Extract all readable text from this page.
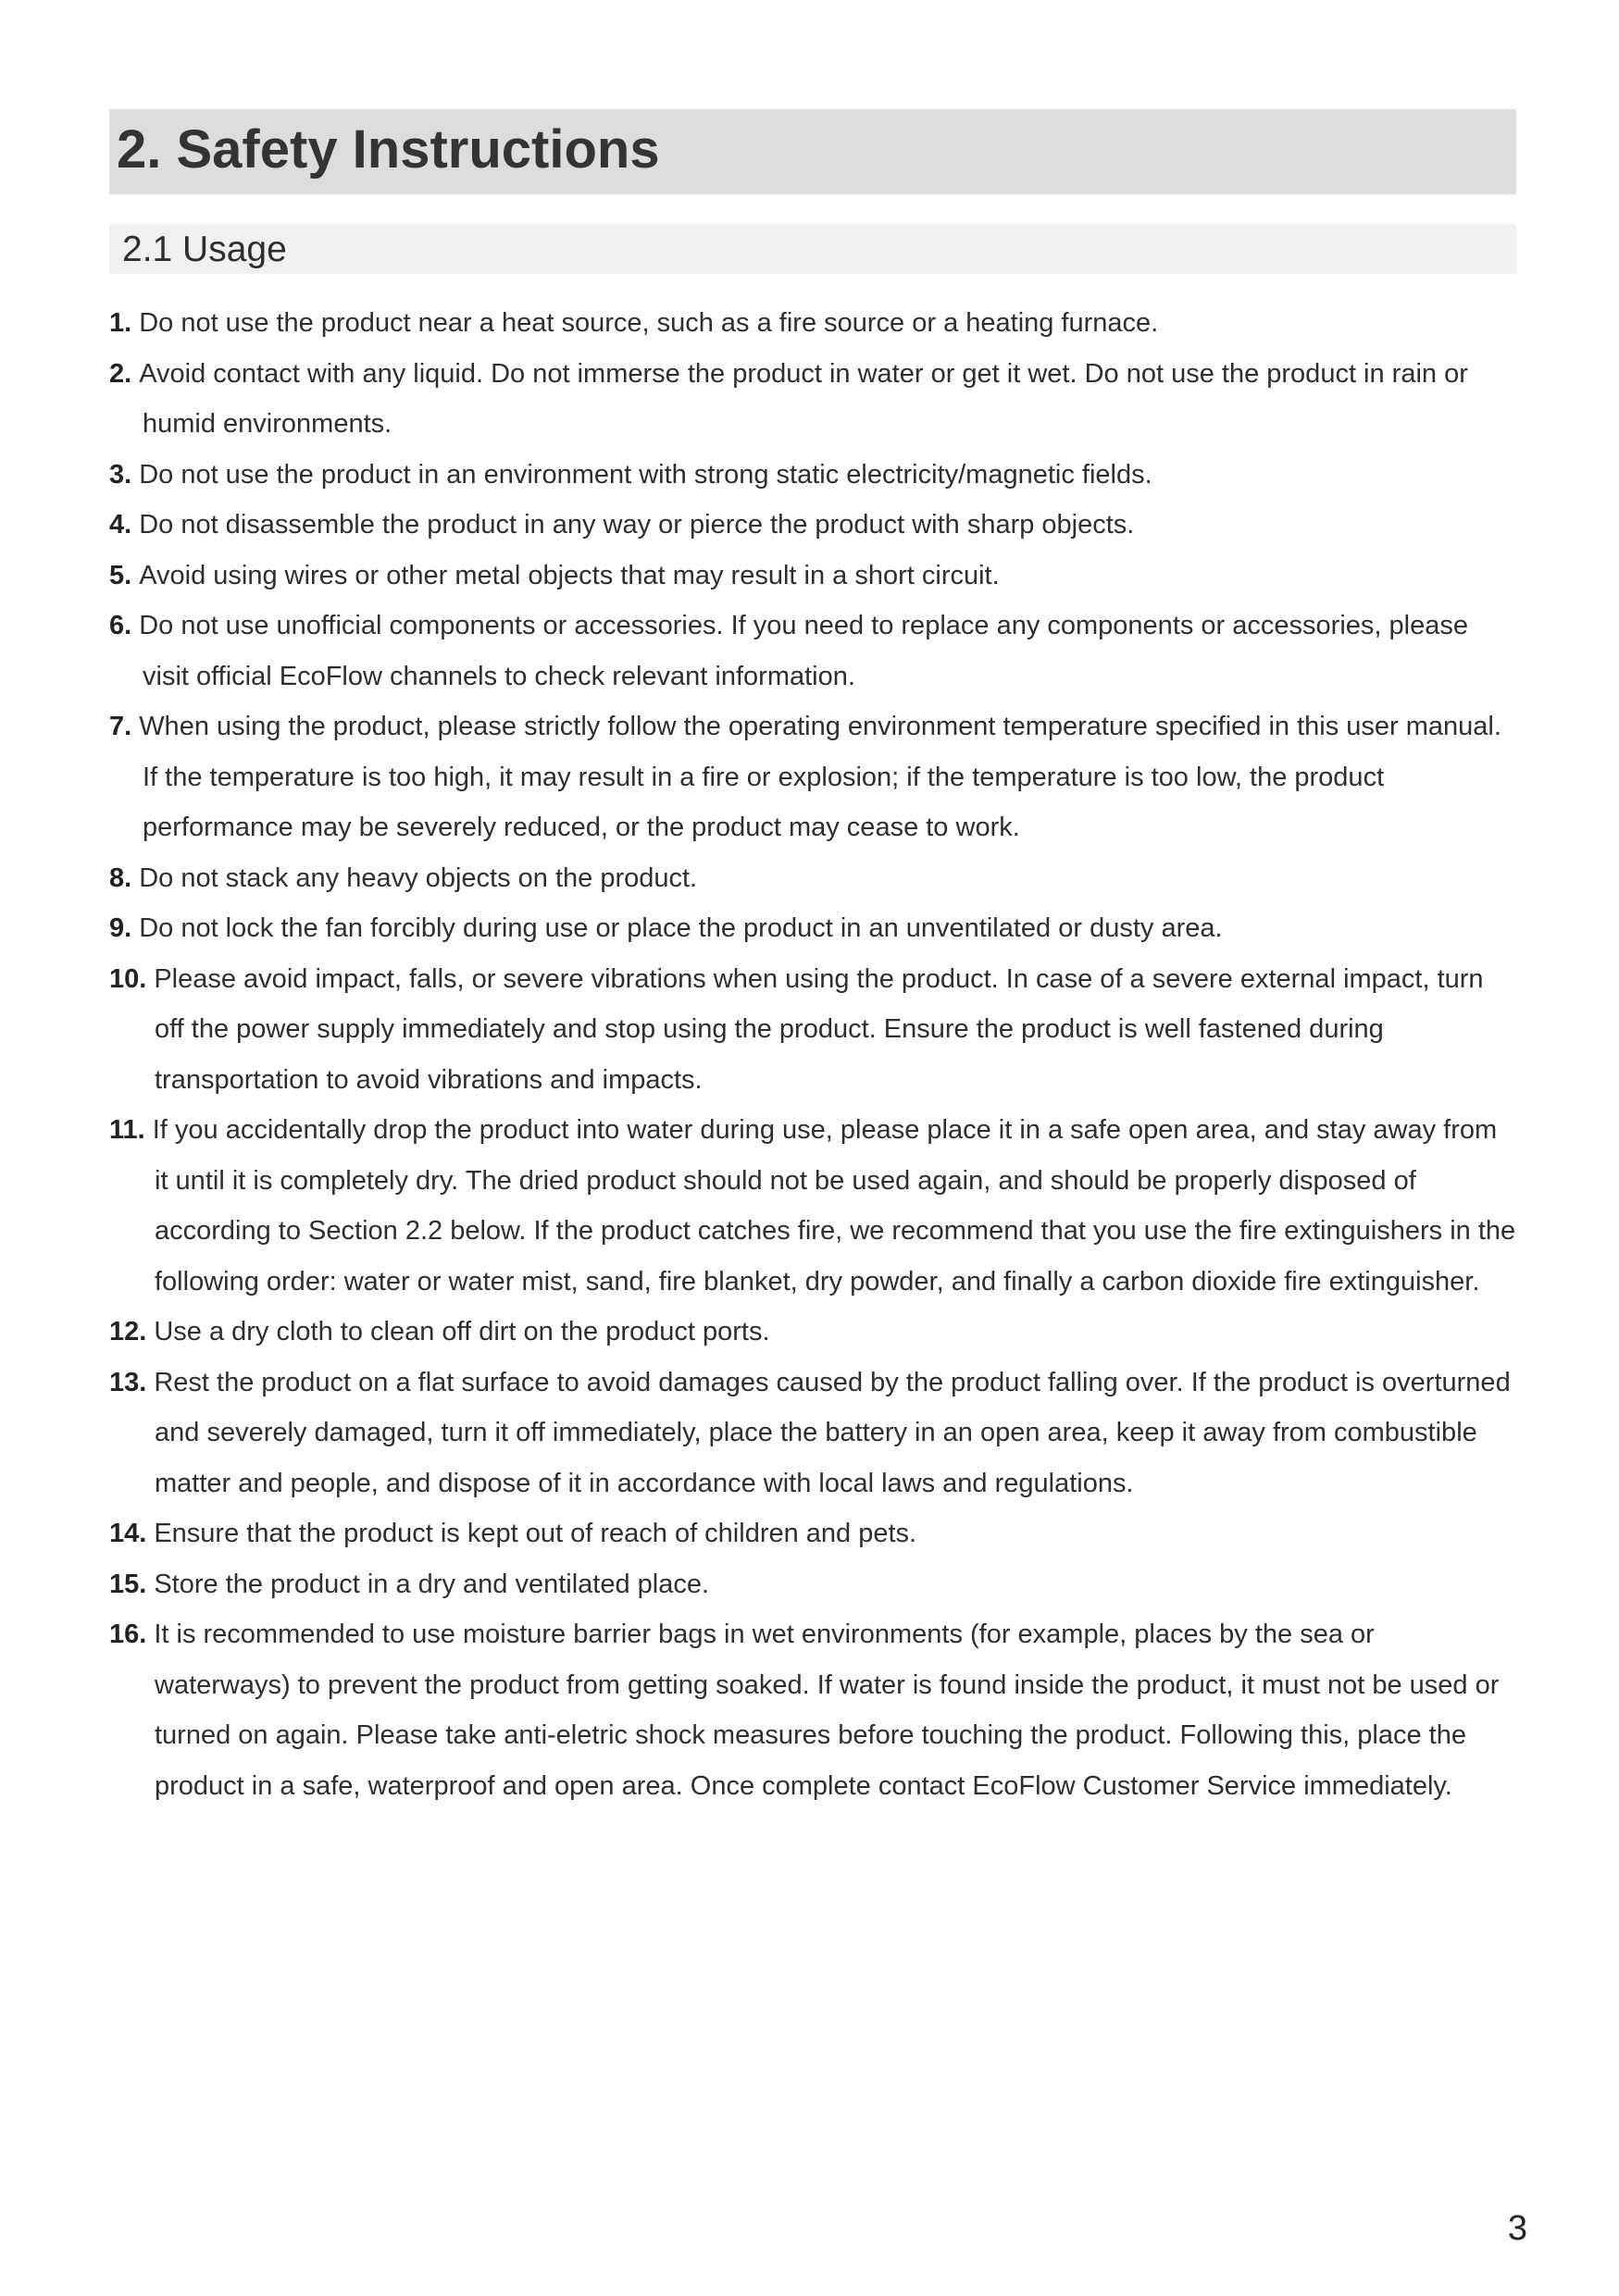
2. Safety Instructions
2.1 Usage
1. Do not use the product near a heat source, such as a fire source or a heating furnace.
2. Avoid contact with any liquid. Do not immerse the product in water or get it wet. Do not use the product in rain or humid environments.
3. Do not use the product in an environment with strong static electricity/magnetic fields.
4. Do not disassemble the product in any way or pierce the product with sharp objects.
5. Avoid using wires or other metal objects that may result in a short circuit.
6. Do not use unofficial components or accessories. If you need to replace any components or accessories, please visit official EcoFlow channels to check relevant information.
7. When using the product, please strictly follow the operating environment temperature specified in this user manual. If the temperature is too high, it may result in a fire or explosion; if the temperature is too low, the product performance may be severely reduced, or the product may cease to work.
8. Do not stack any heavy objects on the product.
9. Do not lock the fan forcibly during use or place the product in an unventilated or dusty area.
10. Please avoid impact, falls, or severe vibrations when using the product. In case of a severe external impact, turn off the power supply immediately and stop using the product. Ensure the product is well fastened during transportation to avoid vibrations and impacts.
11. If you accidentally drop the product into water during use, please place it in a safe open area, and stay away from it until it is completely dry. The dried product should not be used again, and should be properly disposed of according to Section 2.2 below. If the product catches fire, we recommend that you use the fire extinguishers in the following order: water or water mist, sand, fire blanket, dry powder, and finally a carbon dioxide fire extinguisher.
12. Use a dry cloth to clean off dirt on the product ports.
13. Rest the product on a flat surface to avoid damages caused by the product falling over. If the product is overturned and severely damaged, turn it off immediately, place the battery in an open area, keep it away from combustible matter and people, and dispose of it in accordance with local laws and regulations.
14. Ensure that the product is kept out of reach of children and pets.
15. Store the product in a dry and ventilated place.
16. It is recommended to use moisture barrier bags in wet environments (for example, places by the sea or waterways) to prevent the product from getting soaked. If water is found inside the product, it must not be used or turned on again. Please take anti-eletric shock measures before touching the product. Following this, place the product in a safe, waterproof and open area. Once complete contact EcoFlow Customer Service immediately.
3
